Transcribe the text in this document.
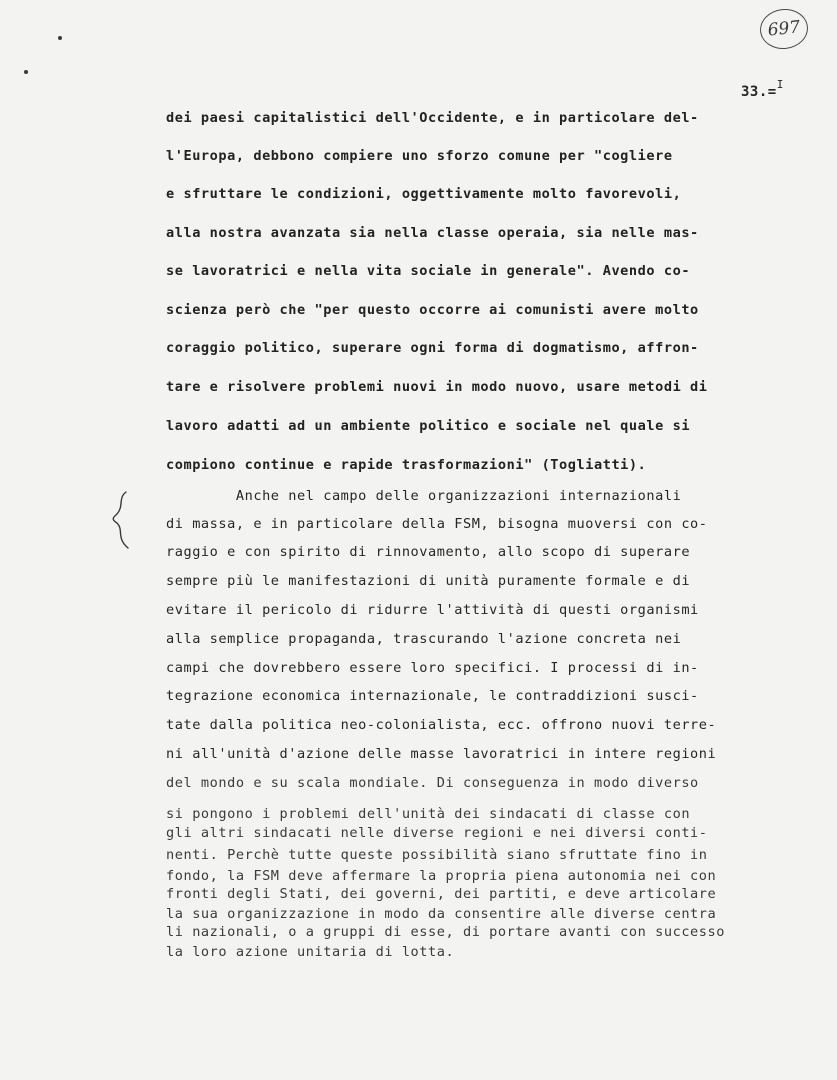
697
33.=$^I$
dei paesi capitalistici dell'Occidente, e in particolare del-
l'Europa, debbono compiere uno sforzo comune per "cogliere
e sfruttare le condizioni, oggettivamente molto favorevoli,
alla nostra avanzata sia nella classe operaia, sia nelle mas-
se lavoratrici e nella vita sociale in generale". Avendo co-
scienza però che "per questo occorre ai comunisti avere molto
coraggio politico, superare ogni forma di dogmatismo, affron-
tare e risolvere problemi nuovi in modo nuovo, usare metodi di
lavoro adatti ad un ambiente politico e sociale nel quale si
compiono continue e rapide trasformazioni" (Togliatti).
Anche nel campo delle organizzazioni internazionali
di massa, e in particolare della FSM, bisogna muoversi con co-
raggio e con spirito di rinnovamento, allo scopo di superare
sempre più le manifestazioni di unità puramente formale e di
evitare il pericolo di ridurre l'attività di questi organismi
alla semplice propaganda, trascurando l'azione concreta nei
campi che dovrebbero essere loro specifici. I processi di in-
tegrazione economica internazionale, le contraddizioni susci-
tate dalla politica neo-colonialista, ecc. offrono nuovi terre-
ni all'unità d'azione delle masse lavoratrici in intere regioni
del mondo e su scala mondiale. Di conseguenza in modo diverso
si pongono i problemi dell'unità dei sindacati di classe con
gli altri sindacati nelle diverse regioni e nei diversi conti-
nenti. Perchè tutte queste possibilità siano sfruttate fino in
fondo, la FSM deve affermare la propria piena autonomia nei con
fronti degli Stati, dei governi, dei partiti, e deve articolare
la sua organizzazione in modo da consentire alle diverse centra
li nazionali, o a gruppi di esse, di portare avanti con successo
la loro azione unitaria di lotta.
